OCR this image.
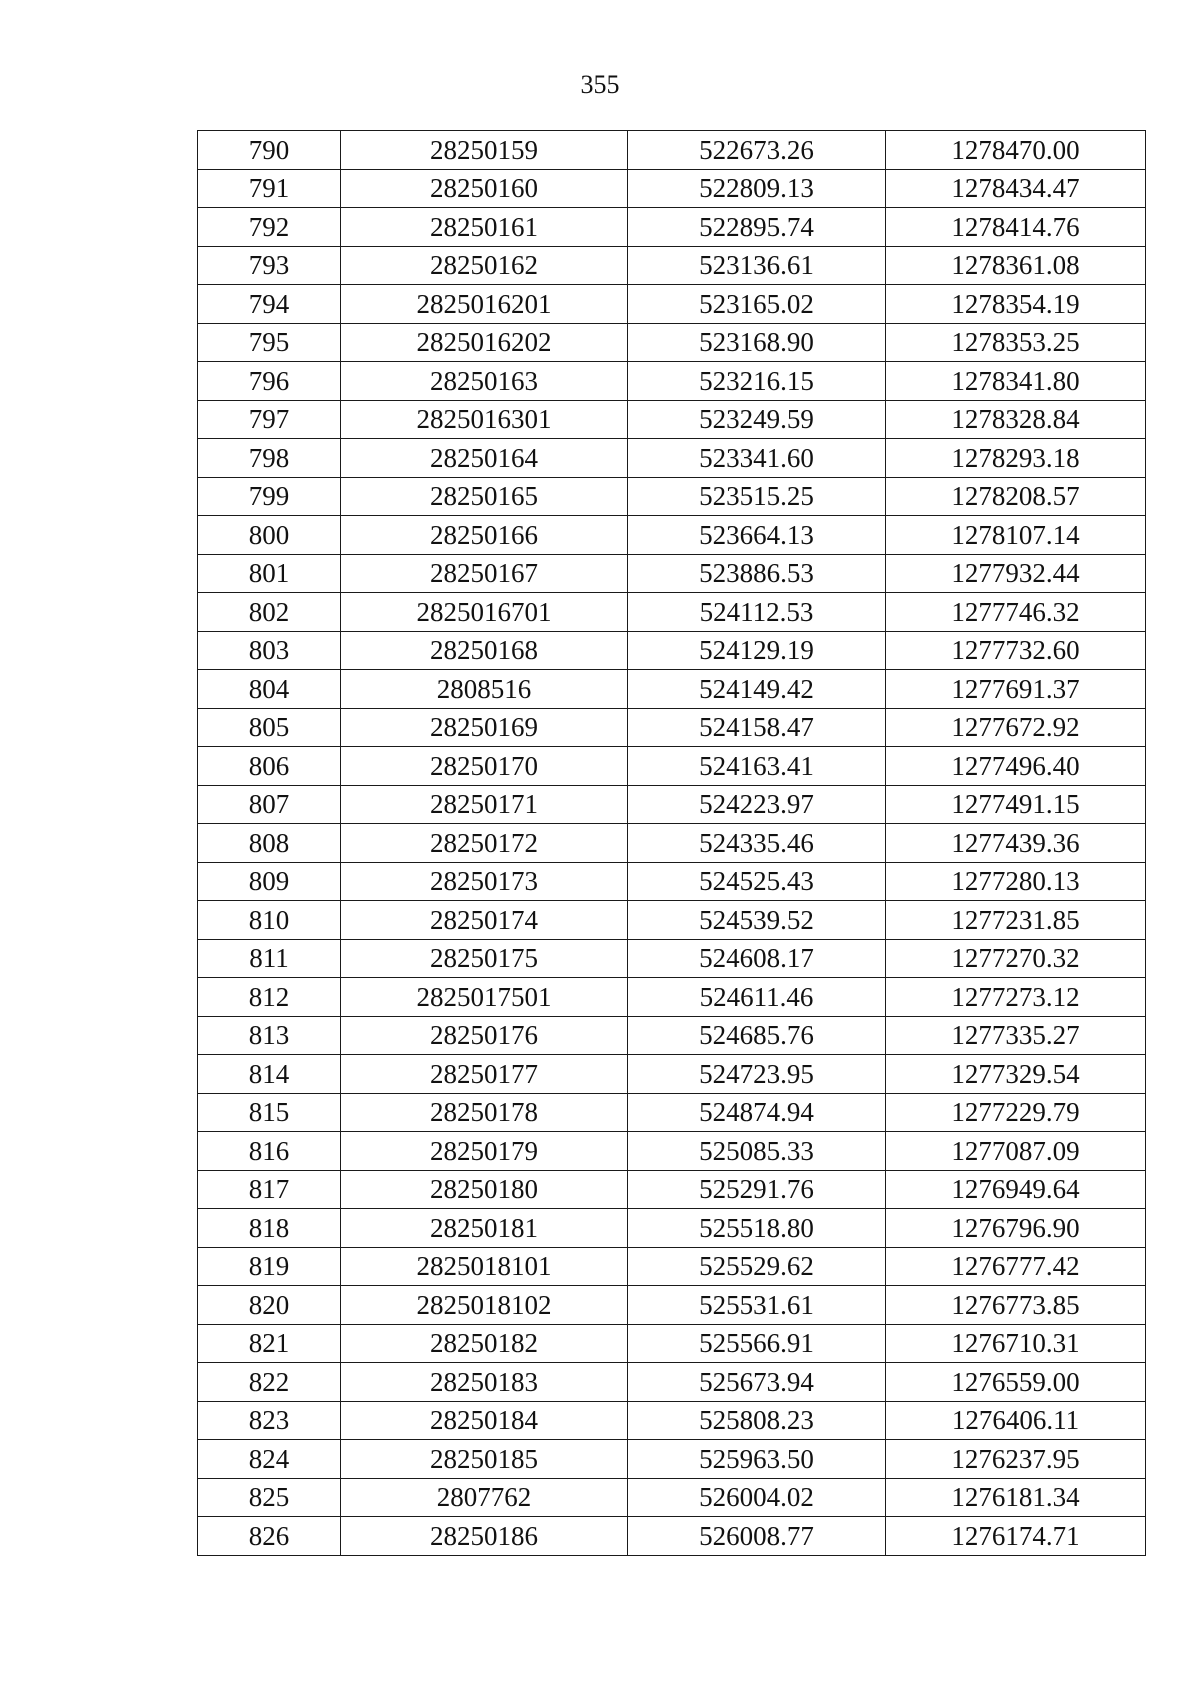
355
790	28250159	522673.26	1278470.00
791	28250160	522809.13	1278434.47
792	28250161	522895.74	1278414.76
793	28250162	523136.61	1278361.08
794	2825016201	523165.02	1278354.19
795	2825016202	523168.90	1278353.25
796	28250163	523216.15	1278341.80
797	2825016301	523249.59	1278328.84
798	28250164	523341.60	1278293.18
799	28250165	523515.25	1278208.57
800	28250166	523664.13	1278107.14
801	28250167	523886.53	1277932.44
802	2825016701	524112.53	1277746.32
803	28250168	524129.19	1277732.60
804	2808516	524149.42	1277691.37
805	28250169	524158.47	1277672.92
806	28250170	524163.41	1277496.40
807	28250171	524223.97	1277491.15
808	28250172	524335.46	1277439.36
809	28250173	524525.43	1277280.13
810	28250174	524539.52	1277231.85
811	28250175	524608.17	1277270.32
812	2825017501	524611.46	1277273.12
813	28250176	524685.76	1277335.27
814	28250177	524723.95	1277329.54
815	28250178	524874.94	1277229.79
816	28250179	525085.33	1277087.09
817	28250180	525291.76	1276949.64
818	28250181	525518.80	1276796.90
819	2825018101	525529.62	1276777.42
820	2825018102	525531.61	1276773.85
821	28250182	525566.91	1276710.31
822	28250183	525673.94	1276559.00
823	28250184	525808.23	1276406.11
824	28250185	525963.50	1276237.95
825	2807762	526004.02	1276181.34
826	28250186	526008.77	1276174.71
